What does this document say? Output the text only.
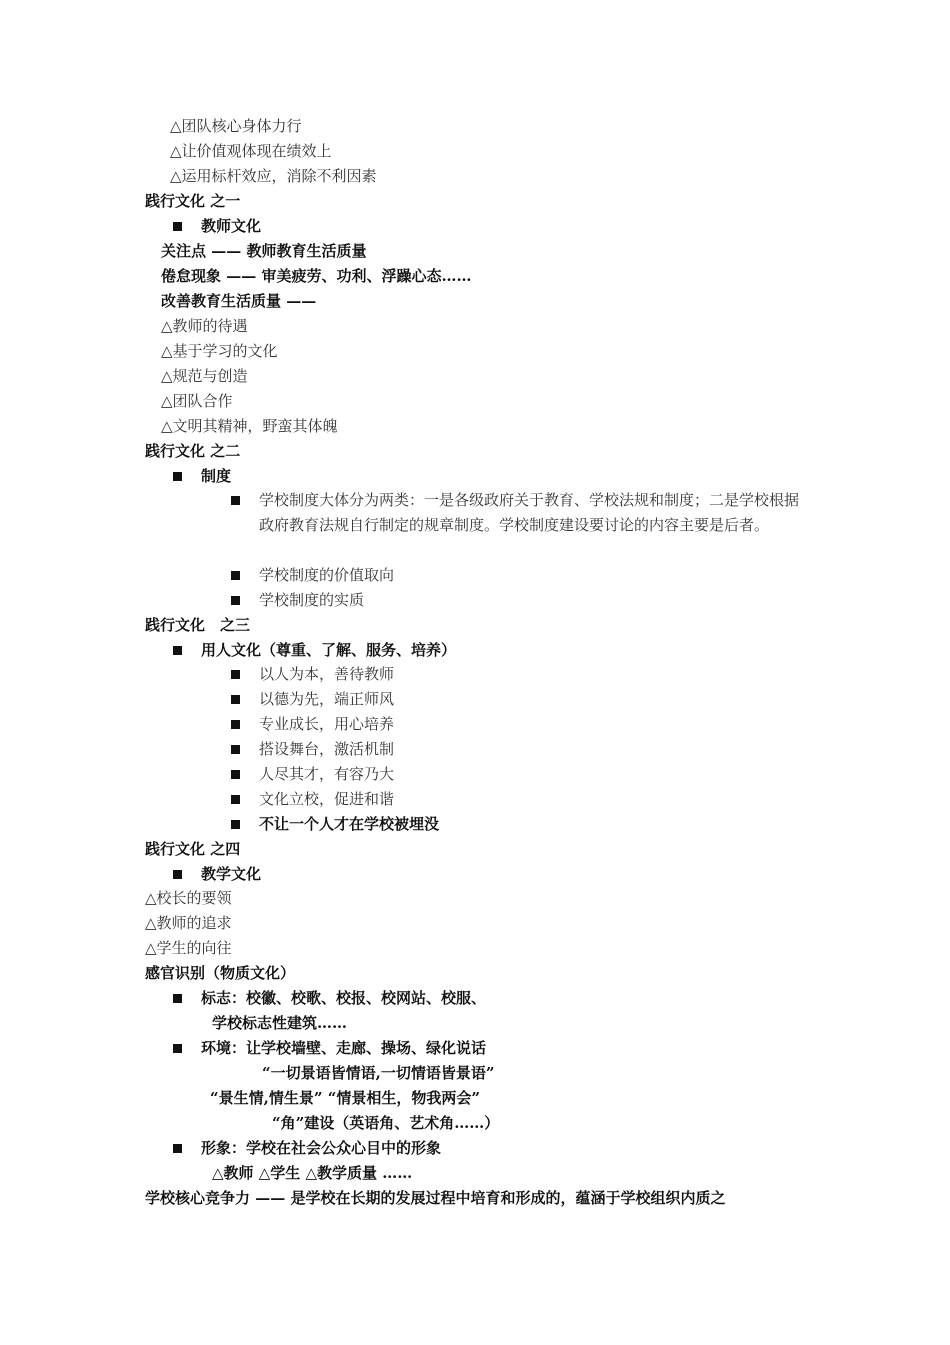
△团队核心身体力行

△让价值观体现在绩效上

△运用标杆效应，消除不利因素

践行文化 之一

教师文化

关注点 —— 教师教育生活质量

倦怠现象 —— 审美疲劳、功利、浮躁心态……

改善教育生活质量 ——

△教师的待遇

△基于学习的文化

△规范与创造

△团队合作

△文明其精神，野蛮其体魄

践行文化 之二

制度

学校制度大体分为两类：一是各级政府关于教育、学校法规和制度；二是学校根据政府教育法规自行制定的规章制度。学校制度建设要讨论的内容主要是后者。

学校制度的价值取向

学校制度的实质

践行文化　之三

用人文化（尊重、了解、服务、培养）

以人为本，善待教师

以德为先，端正师风

专业成长，用心培养

搭设舞台，激活机制

人尽其才，有容乃大

文化立校，促进和谐

不让一个人才在学校被埋没

践行文化 之四

教学文化

△校长的要领

△教师的追求

△学生的向往

感官识别（物质文化）

标志：校徽、校歌、校报、校网站、校服、

学校标志性建筑……

环境：让学校墙壁、走廊、操场、绿化说话

“一切景语皆情语,一切情语皆景语”

“景生情,情生景” “情景相生，物我两会”

“角”建设（英语角、艺术角……）

形象：学校在社会公众心目中的形象

△教师 △学生 △教学质量 ……

学校核心竞争力 —— 是学校在长期的发展过程中培育和形成的，蕴涵于学校组织内质之
